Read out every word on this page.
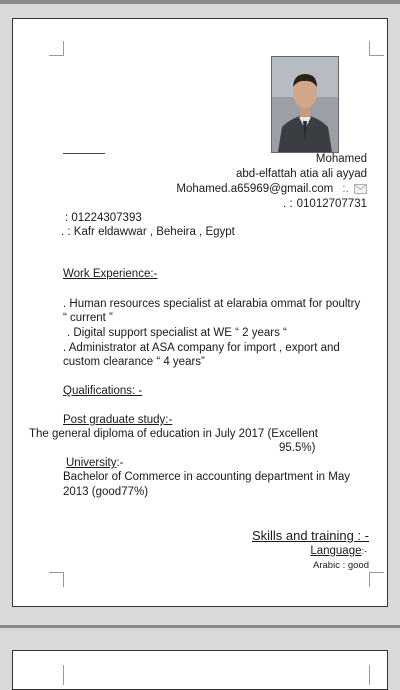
Mohamed
abd-elfattah atia ali ayyad
Mohamed.a65969@gmail.com :.
. : 01012707731
: 01224307393
. : Kafr eldawwar , Beheira , Egypt
Work Experience:-
. Human resources specialist at elarabia ommat for poultry
“ current ”
. Digital support specialist at WE “ 2 years “
. Administrator at ASA company for import , export and
custom clearance “ 4 years”
Qualifications: -
Post graduate study:-
The general diploma of education in July 2017 (Excellent
95.5%)
University:-
Bachelor of Commerce in accounting department in May
2013 (good77%)
Skills and training : -
Language:-
Arabic : good
